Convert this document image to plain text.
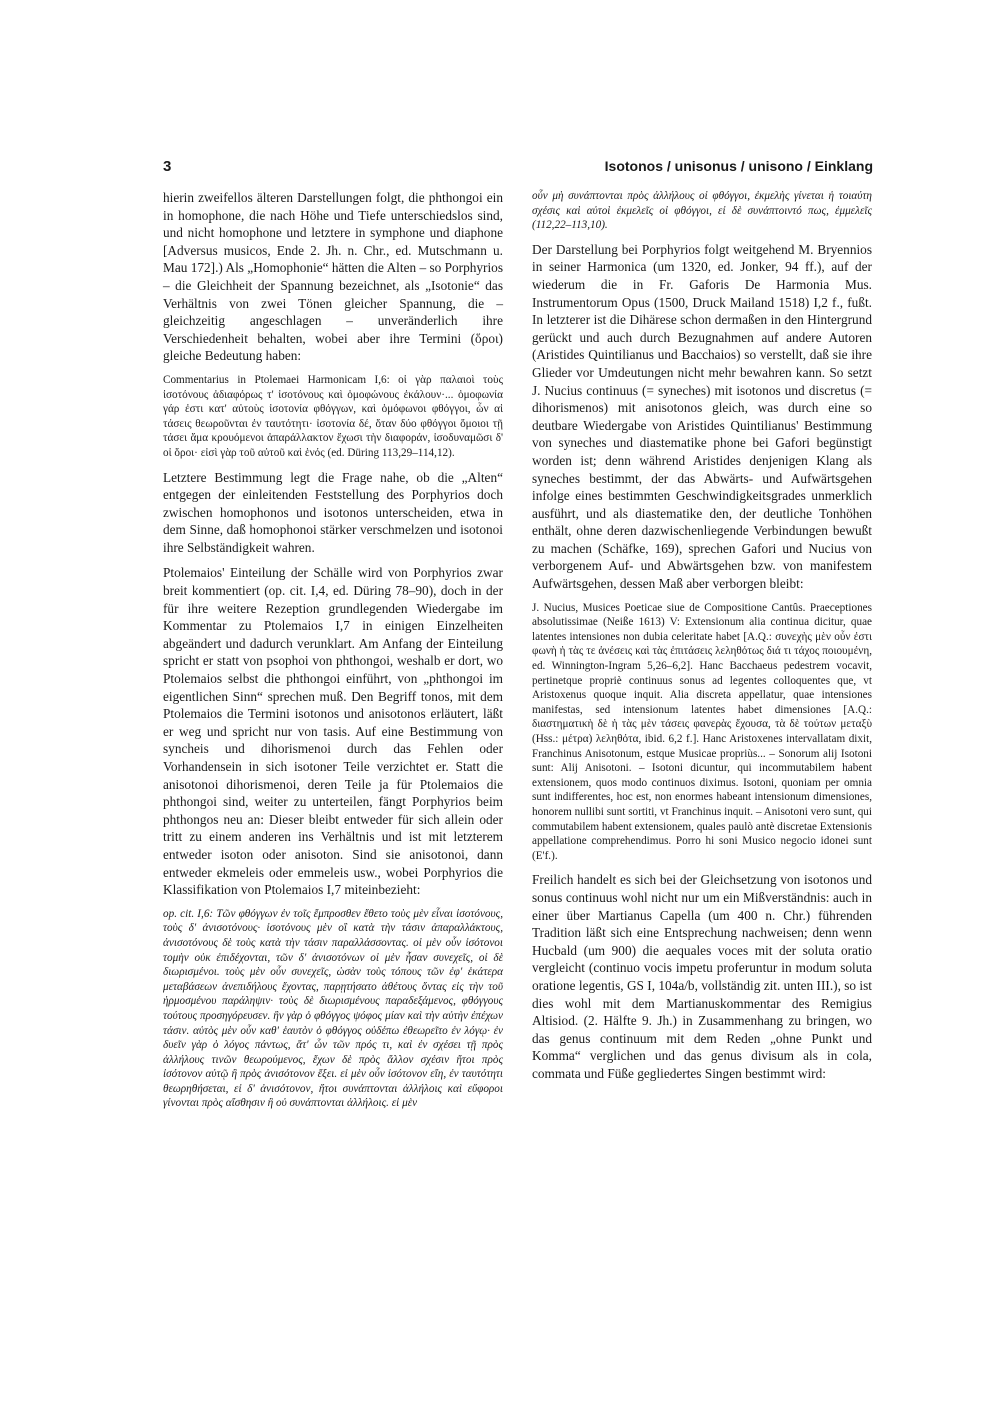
3	Isotonos / unisonus / unisono / Einklang

hierin zweifellos älteren Darstellungen folgt, die phthongoi ein in homophone, die nach Höhe und Tiefe unterschiedslos sind, und nicht homophone und letztere in symphone und diaphone [Adversus musicos, Ende 2. Jh. n. Chr., ed. Mutschmann u. Mau 172].) Als „Homophonie“ hätten die Alten – so Porphyrios – die Gleichheit der Spannung bezeichnet, als „Isotonie“ das Verhältnis von zwei Tönen gleicher Spannung, die – gleichzeitig angeschlagen – unveränderlich ihre Verschiedenheit behalten, wobei aber ihre Termini (ὅροι) gleiche Bedeutung haben:

Commentarius in Ptolemaei Harmonicam I,6: οἱ γὰρ παλαιοὶ τοὺς ἰσοτόνους ἀδιαφόρως τ' ἰσοτόνους καὶ ὁμοφώνους ἐκάλουν·... ὁμοφωνία γάρ ἐστι κατ' αὐτοὺς ἰσοτονία φθόγγων, καὶ ὁμόφωνοι φθόγγοι, ὧν αἱ τάσεις θεωροῦνται ἐν ταυτότητι· ἰσοτονία δέ, ὅταν δύο φθόγγοι ὅμοιοι τῇ τάσει ἅμα κρουόμενοι ἀπαράλλακτον ἔχωσι τὴν διαφοράν, ἰσοδυναμῶσι δ' οἱ ὅροι· εἰσὶ γὰρ τοῦ αὐτοῦ καὶ ἑνός (ed. Düring 113,29–114,12).

Letztere Bestimmung legt die Frage nahe, ob die „Alten“ entgegen der einleitenden Feststellung des Porphyrios doch zwischen homophonos und isotonos unterscheiden, etwa in dem Sinne, daß homophonoi stärker verschmelzen und isotonoi ihre Selbständigkeit wahren.

Ptolemaios' Einteilung der Schälle wird von Porphyrios zwar breit kommentiert (op. cit. I,4, ed. Düring 78–90), doch in der für ihre weitere Rezeption grundlegenden Wiedergabe im Kommentar zu Ptolemaios I,7 in einigen Einzelheiten abgeändert und dadurch verunklart. Am Anfang der Einteilung spricht er statt von psophoi von phthongoi, weshalb er dort, wo Ptolemaios selbst die phthongoi einführt, von „phthongoi im eigentlichen Sinn“ sprechen muß. Den Begriff tonos, mit dem Ptolemaios die Termini isotonos und anisotonos erläutert, läßt er weg und spricht nur von tasis. Auf eine Bestimmung von syncheis und dihorismenoi durch das Fehlen oder Vorhandensein in sich isotoner Teile verzichtet er. Statt die anisotonoi dihorismenoi, deren Teile ja für Ptolemaios die phthongoi sind, weiter zu unterteilen, fängt Porphyrios beim phthongos neu an: Dieser bleibt entweder für sich allein oder tritt zu einem anderen ins Verhältnis und ist mit letzterem entweder isoton oder anisoton. Sind sie anisotonoi, dann entweder ekmeleis oder emmeleis usw., wobei Porphyrios die Klassifikation von Ptolemaios I,7 miteinbezieht:

op. cit. I,6: Τῶν φθόγγων ἐν τοῖς ἔμπροσθεν ἔθετο τοὺς μὲν εἶναι ἰσοτόνους, τοὺς δ' ἀνισοτόνους· ἰσοτόνους μὲν οἳ κατὰ τὴν τάσιν ἀπαραλλάκτους, ἀνισοτόνους δὲ τοὺς κατὰ τὴν τάσιν παραλλάσσοντας. οἱ μὲν οὖν ἰσότονοι τομὴν οὐκ ἐπιδέχονται, τῶν δ' ἀνισοτόνων οἱ μὲν ἦσαν συνεχεῖς, οἱ δὲ διωρισμένοι. τοὺς μὲν οὖν συνεχεῖς, ὡσὰν τοὺς τόπους τῶν ἐφ' ἑκάτερα μεταβάσεων ἀνεπιδήλους ἔχοντας, παρῃτήσατο ἀθέτους ὄντας εἰς τὴν τοῦ ἡρμοσμένου παράληψιν· τοὺς δὲ διωρισμένους παραδεξάμενος, φθόγγους τούτους προσηγόρευσεν. ἣν γὰρ ὁ φθόγγος ψόφος μίαν καὶ τὴν αὐτὴν ἐπέχων τάσιν. αὐτὸς μὲν οὖν καθ' ἑαυτὸν ὁ φθόγγος οὐδέπω ἐθεωρεῖτο ἐν λόγῳ· ἐν δυεῖν γὰρ ὁ λόγος πάντως, ἅτ' ὧν τῶν πρός τι, καὶ ἐν σχέσει τῇ πρὸς ἀλλήλους τινῶν θεωρούμενος, ἔχων δὲ πρὸς ἄλλον σχέσιν ἤτοι πρὸς ἰσότονον αὐτῷ ἢ πρὸς ἀνισότονον ἕξει. εἰ μὲν οὖν ἰσότονον εἴη, ἐν ταυτότητι θεωρηθήσεται, εἰ δ' ἀνισότονον, ἤτοι συνάπτονται ἀλλήλοις καὶ εὔφοροι γίνονται πρὸς αἴσθησιν ἢ οὐ συνάπτονται ἀλλήλοις. εἰ μὲν

οὖν μὴ συνάπτονται πρὸς ἀλλήλους οἱ φθόγγοι, ἐκμελὴς γίνεται ἡ τοιαύτη σχέσις καὶ αὐτοὶ ἐκμελεῖς οἱ φθόγγοι, εἰ δὲ συνάπτοιντό πως, ἐμμελεῖς (112,22–113,10).

Der Darstellung bei Porphyrios folgt weitgehend M. Bryennios in seiner Harmonica (um 1320, ed. Jonker, 94 ff.), auf der wiederum die in Fr. Gaforis De Harmonia Mus. Instrumentorum Opus (1500, Druck Mailand 1518) I,2 f., fußt. In letzterer ist die Dihärese schon dermaßen in den Hintergrund gerückt und auch durch Bezugnahmen auf andere Autoren (Aristides Quintilianus und Bacchaios) so verstellt, daß sie ihre Glieder vor Umdeutungen nicht mehr bewahren kann. So setzt J. Nucius continuus (= syneches) mit isotonos und discretus (= dihorismenos) mit anisotonos gleich, was durch eine so deutbare Wiedergabe von Aristides Quintilianus' Bestimmung von syneches und diastematike phone bei Gafori begünstigt worden ist; denn während Aristides denjenigen Klang als syneches bestimmt, der das Abwärts- und Aufwärtsgehen infolge eines bestimmten Geschwindigkeitsgrades unmerklich ausführt, und als diastematike den, der deutliche Tonhöhen enthält, ohne deren dazwischenliegende Verbindungen bewußt zu machen (Schäfke, 169), sprechen Gafori und Nucius von verborgenem Auf- und Abwärtsgehen bzw. von manifestem Aufwärtsgehen, dessen Maß aber verborgen bleibt:

J. Nucius, Musices Poeticae siue de Compositione Cantûs. Praeceptiones absolutissimae (Neiße 1613) V: Extensionum alia continua dicitur, quae latentes intensiones non dubia celeritate habet [A.Q.: συνεχὴς μὲν οὖν ἐστι φωνὴ ἡ τὰς τε ἀνέσεις καὶ τὰς ἐπιτάσεις λεληθότως διά τι τάχος ποιουμένη, ed. Winnington-Ingram 5,26–6,2]. Hanc Bacchaeus pedestrem vocavit, pertinetque propriè continuus sonus ad legentes colloquentes que, vt Aristoxenus quoque inquit. Alia discreta appellatur, quae intensiones manifestas, sed intensionum latentes habet dimensiones [A.Q.: διαστηματικὴ δὲ ἡ τὰς μὲν τάσεις φανερὰς ἔχουσα, τὰ δὲ τούτων μεταξὺ (Hss.: μέτρα) λεληθότα, ibid. 6,2 f.]. Hanc Aristoxenes intervallatam dixit, Franchinus Anisotonum, estque Musicae propriùs... – Sonorum alij Isotoni sunt: Alij Anisotoni. – Isotoni dicuntur, qui incommutabilem habent extensionem, quos modo continuos diximus. Isotoni, quoniam per omnia sunt indifferentes, hoc est, non enormes habeant intensionum dimensiones, honorem nullibi sunt sortiti, vt Franchinus inquit. – Anisotoni vero sunt, qui commutabilem habent extensionem, quales paulò antè discretae Extensionis appellatione comprehendimus. Porro hi soni Musico negocio idonei sunt (E'f.).

Freilich handelt es sich bei der Gleichsetzung von isotonos und sonus continuus wohl nicht nur um ein Mißverständnis: auch in einer über Martianus Capella (um 400 n. Chr.) führenden Tradition läßt sich eine Entsprechung nachweisen; denn wenn Hucbald (um 900) die aequales voces mit der soluta oratio vergleicht (continuo vocis impetu proferuntur in modum soluta oratione legentis, GS I, 104a/b, vollständig zit. unten III.), so ist dies wohl mit dem Martianuskommentar des Remigius Altisiod. (2. Hälfte 9. Jh.) in Zusammenhang zu bringen, wo das genus continuum mit dem Reden „ohne Punkt und Komma“ verglichen und das genus divisum als in cola, commata und Füße gegliedertes Singen bestimmt wird:
